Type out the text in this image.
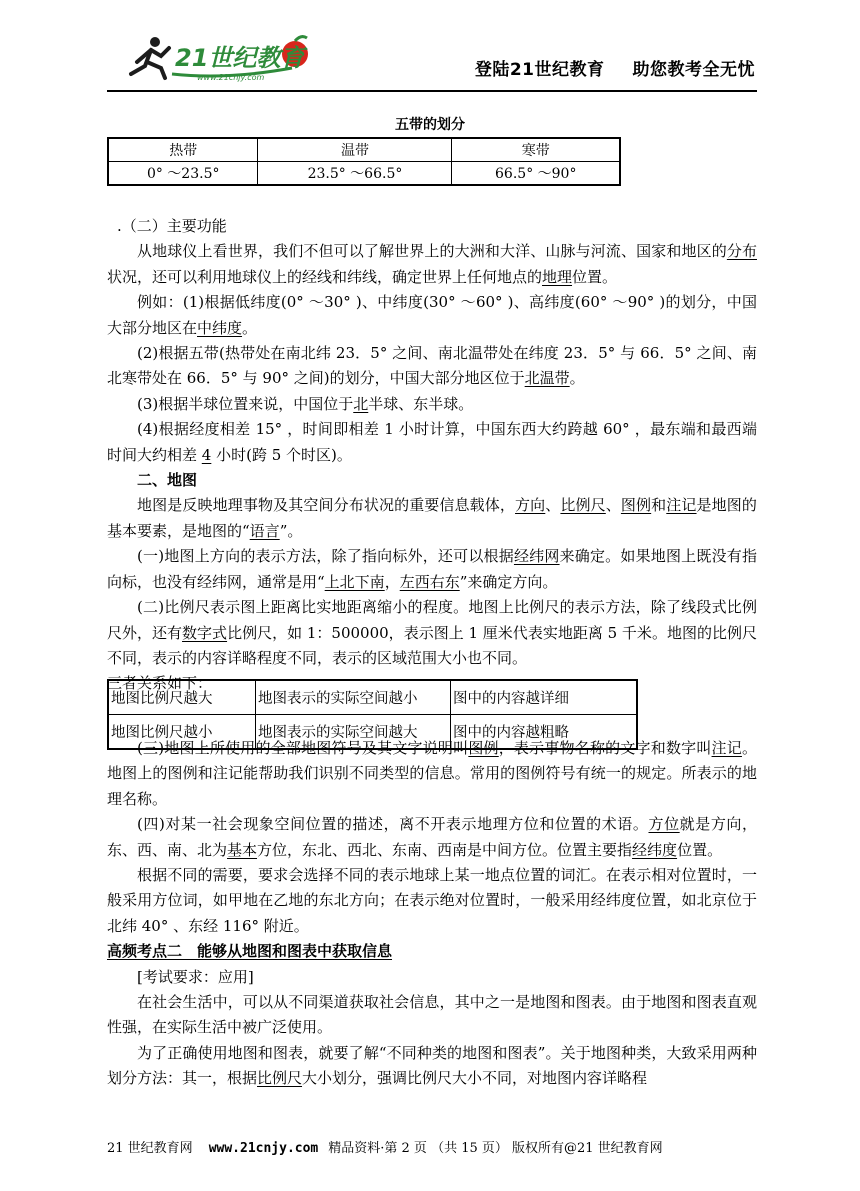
21世纪教育
www.21cnjy.com	登陆21世纪教育 助您教考全无忧
五带的划分
热带	温带	寒带
0° ～23.5°	23.5° ～66.5°	66.5° ～90°

.（二）主要功能

从地球仪上看世界，我们不但可以了解世界上的大洲和大洋、山脉与河流、国家和地区的分布状况，还可以利用地球仪上的经线和纬线，确定世界上任何地点的地理位置。

例如：(1)根据低纬度(0° ～30° )、中纬度(30° ～60° )、高纬度(60° ～90° )的划分，中国大部分地区在中纬度。

(2)根据五带(热带处在南北纬 23．5° 之间、南北温带处在纬度 23．5° 与 66．5° 之间、南北寒带处在 66．5° 与 90° 之间)的划分，中国大部分地区位于北温带。

(3)根据半球位置来说，中国位于北半球、东半球。

(4)根据经度相差 15° ，时间即相差 1 小时计算，中国东西大约跨越 60° ，最东端和最西端时间大约相差 4 小时(跨 5 个时区)。

二、地图

地图是反映地理事物及其空间分布状况的重要信息载体，方向、比例尺、图例和注记是地图的基本要素，是地图的“语言”。

(一)地图上方向的表示方法，除了指向标外，还可以根据经纬网来确定。如果地图上既没有指向标，也没有经纬网，通常是用“上北下南，左西右东”来确定方向。

(二)比例尺表示图上距离比实地距离缩小的程度。地图上比例尺的表示方法，除了线段式比例尺外，还有数字式比例尺，如 1：500000，表示图上 1 厘米代表实地距离 5 千米。地图的比例尺不同，表示的内容详略程度不同，表示的区域范围大小也不同。

三者关系如下：

地图比例尺越大	地图表示的实际空间越小	图中的内容越详细
地图比例尺越小	地图表示的实际空间越大	图中的内容越粗略

(三)地图上所使用的全部地图符号及其文字说明叫图例，表示事物名称的文字和数字叫注记。地图上的图例和注记能帮助我们识别不同类型的信息。常用的图例符号有统一的规定。所表示的地理名称。

(四)对某一社会现象空间位置的描述，离不开表示地理方位和位置的术语。方位就是方向，东、西、南、北为基本方位，东北、西北、东南、西南是中间方位。位置主要指经纬度位置。

根据不同的需要，要求会选择不同的表示地球上某一地点位置的词汇。在表示相对位置时，一般采用方位词，如甲地在乙地的东北方向；在表示绝对位置时，一般采用经纬度位置，如北京位于北纬 40° 、东经 116° 附近。

高频考点二　能够从地图和图表中获取信息

[考试要求：应用]

在社会生活中，可以从不同渠道获取社会信息，其中之一是地图和图表。由于地图和图表直观性强，在实际生活中被广泛使用。

为了正确使用地图和图表，就要了解“不同种类的地图和图表”。关于地图种类，大致采用两种划分方法：其一，根据比例尺大小划分，强调比例尺大小不同，对地图内容详略程

21 世纪教育网 www.21cnjy.com 精品资料·第 2 页 （共 15 页） 版权所有@21 世纪教育网
